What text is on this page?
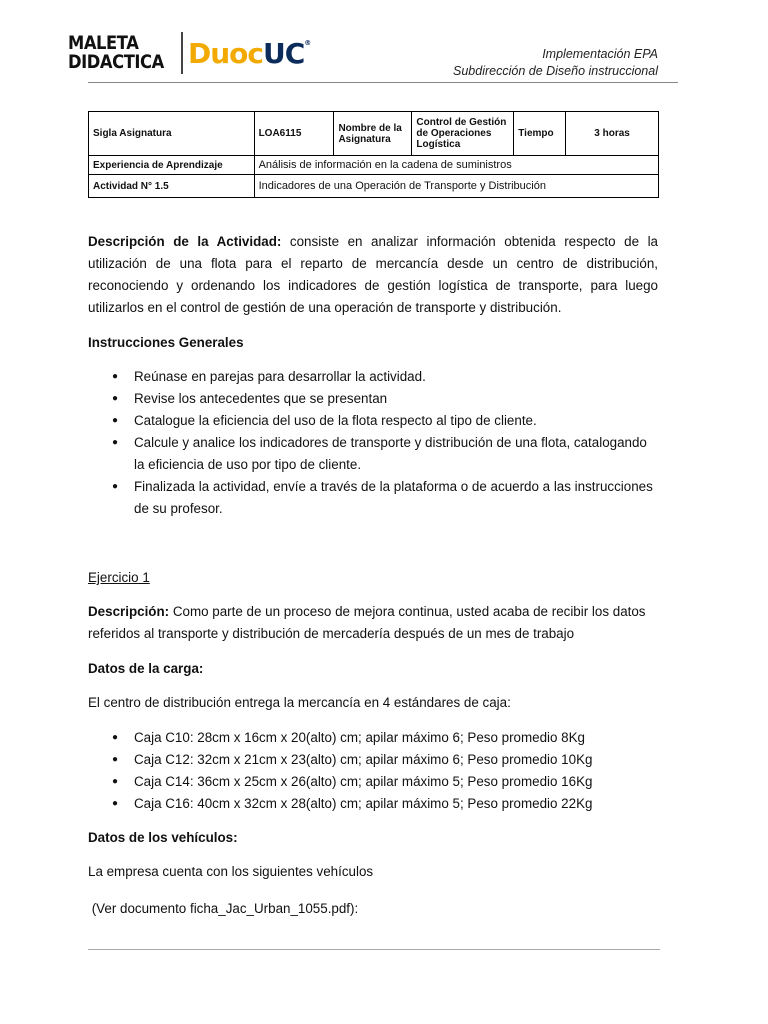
MALETA
DIDACTICA DuocUC®
Implementación EPA
Subdirección de Diseño instruccional
Sigla Asignatura	LOA6115	Nombre de la Asignatura	Control de Gestión de Operaciones Logística	Tiempo	3 horas
Experiencia de Aprendizaje	Análisis de información en la cadena de suministros				
Actividad N° 1.5	Indicadores de una Operación de Transporte y Distribución				
Descripción de la Actividad: consiste en analizar información obtenida respecto de la utilización de una flota para el reparto de mercancía desde un centro de distribución, reconociendo y ordenando los indicadores de gestión logística de transporte, para luego utilizarlos en el control de gestión de una operación de transporte y distribución.
Instrucciones Generales
● Reúnase en parejas para desarrollar la actividad.
● Revise los antecedentes que se presentan
● Catalogue la eficiencia del uso de la flota respecto al tipo de cliente.
● Calcule y analice los indicadores de transporte y distribución de una flota, catalogando la eficiencia de uso por tipo de cliente.
● Finalizada la actividad, envíe a través de la plataforma o de acuerdo a las instrucciones de su profesor.
Ejercicio 1
Descripción: Como parte de un proceso de mejora continua, usted acaba de recibir los datos referidos al transporte y distribución de mercadería después de un mes de trabajo
Datos de la carga:
El centro de distribución entrega la mercancía en 4 estándares de caja:
● Caja C10: 28cm x 16cm x 20(alto) cm; apilar máximo 6; Peso promedio 8Kg
● Caja C12: 32cm x 21cm x 23(alto) cm; apilar máximo 6; Peso promedio 10Kg
● Caja C14: 36cm x 25cm x 26(alto) cm; apilar máximo 5; Peso promedio 16Kg
● Caja C16: 40cm x 32cm x 28(alto) cm; apilar máximo 5; Peso promedio 22Kg
Datos de los vehículos:
La empresa cuenta con los siguientes vehículos
(Ver documento ficha_Jac_Urban_1055.pdf):
